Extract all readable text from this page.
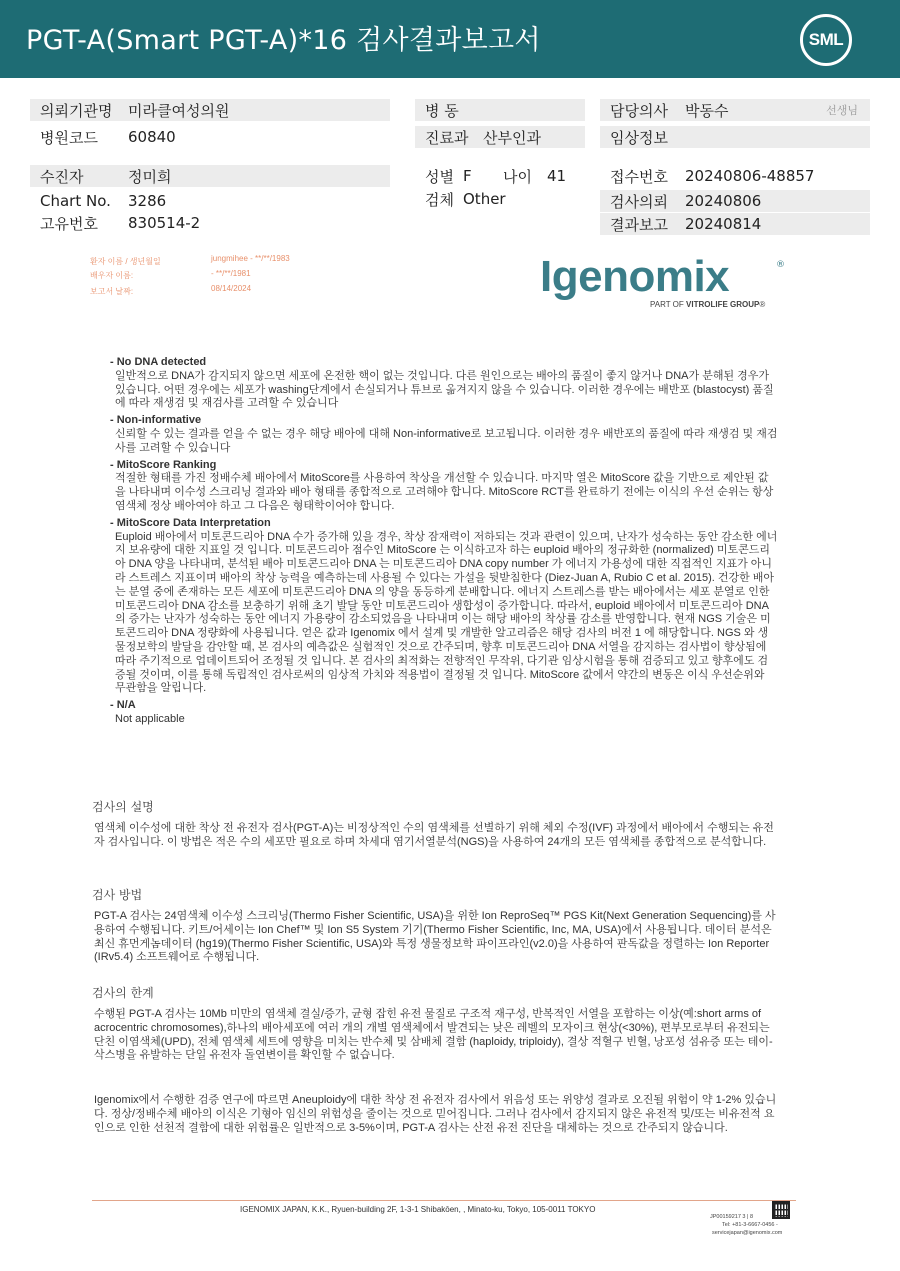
PGT-A(Smart PGT-A)*16 검사결과보고서	SML
의뢰기관명 미라클여성의원
병원코드 60840
수진자	정미희
Chart No. 3286
고유번호 830514-2
병 동
진료과 산부인과
성별 F 나이 41
검체 Other
담당의사 박동수	선생님
임상정보
접수번호 20240806-48857
검사의뢰 20240806
결과보고 20240814
환자 이름 / 생년월일	jungmihee - **/**/1983
배우자 이름:	- **/**/1981
보고서 날짜:	08/14/2024	Igenomix	®
PART OF VITROLIFE GROUP®
- No DNA detected
일반적으로 DNA가 감지되지 않으면 세포에 온전한 핵이 없는 것입니다. 다른 원인으로는 배아의 품질이 좋지 않거나 DNA가 분해된 경우가 있습니다. 어떤 경우에는 세포가 washing단계에서 손실되거나 튜브로 옮겨지지 않을 수 있습니다. 이러한 경우에는 배반포 (blastocyst) 품질에 따라 재생검 및 재검사를 고려할 수 있습니다
- Non-informative
신뢰할 수 있는 결과를 얻을 수 없는 경우 해당 배아에 대해 Non-informative로 보고됩니다. 이러한 경우 배반포의 품질에 따라 재생검 및 재검사를 고려할 수 있습니다
- MitoScore Ranking
적절한 형태를 가진 정배수체 배아에서 MitoScore를 사용하여 착상을 개선할 수 있습니다. 마지막 열은 MitoScore 값을 기반으로 제안된 값을 나타내며 이수성 스크리닝 결과와 배아 형태를 종합적으로 고려해야 합니다. MitoScore RCT를 완료하기 전에는 이식의 우선 순위는 항상 염색체 정상 배아여야 하고 그 다음은 형태학이어야 합니다.
- MitoScore Data Interpretation
Euploid 배아에서 미토콘드리아 DNA 수가 증가해 있을 경우, 착상 잠재력이 저하되는 것과 관련이 있으며, 난자가 성숙하는 동안 감소한 에너지 보유량에 대한 지표일 것 입니다. 미토콘드리아 점수인 MitoScore 는 이식하고자 하는 euploid 배아의 정규화한 (normalized) 미토콘드리아 DNA 양을 나타내며, 분석된 배아 미토콘드리아 DNA 는 미토콘드리아 DNA copy number 가 에너지 가용성에 대한 직접적인 지표가 아니라 스트레스 지표이며 배아의 착상 능력을 예측하는데 사용될 수 있다는 가설을 뒷받침한다 (Diez-Juan A, Rubio C et al. 2015). 건강한 배아는 분열 중에 존재하는 모든 세포에 미토콘드리아 DNA 의 양을 동등하게 분배합니다. 에너지 스트레스를 받는 배아에서는 세포 분열로 인한 미토콘드리아 DNA 감소를 보충하기 위해 초기 발달 동안 미토콘드리아 생합성이 증가합니다. 따라서, euploid 배아에서 미토콘드리아 DNA 의 증가는 난자가 성숙하는 동안 에너지 가용량이 감소되었음을 나타내며 이는 해당 배아의 착상률 감소를 반영합니다. 현재 NGS 기술은 미토콘드리아 DNA 정량화에 사용됩니다. 얻은 값과 Igenomix 에서 설계 및 개발한 알고리즘은 해당 검사의 버전 1 에 해당합니다. NGS 와 생물정보학의 발달을 감안할 때, 본 검사의 예측값은 실험적인 것으로 간주되며, 향후 미토콘드리아 DNA 서열을 감지하는 검사법이 향상됨에 따라 주기적으로 업데이트되어 조정될 것 입니다. 본 검사의 최적화는 전향적인 무작위, 다기관 임상시험을 통해 검증되고 있고 향후에도 검증될 것이며, 이를 통해 독립적인 검사로써의 임상적 가치와 적용법이 결정될 것 입니다. MitoScore 값에서 약간의 변동은 이식 우선순위와 무관함을 알립니다.
- N/A
Not applicable
검사의 설명
염색체 이수성에 대한 착상 전 유전자 검사(PGT-A)는 비정상적인 수의 염색체를 선별하기 위해 체외 수정(IVF) 과정에서 배아에서 수행되는 유전자 검사입니다. 이 방법은 적은 수의 세포만 필요로 하며 차세대 염기서열분석(NGS)을 사용하여 24개의 모든 염색체를 종합적으로 분석합니다.
검사 방법
PGT-A 검사는 24염색체 이수성 스크리닝(Thermo Fisher Scientific, USA)을 위한 Ion ReproSeq™ PGS Kit(Next Generation Sequencing)를 사용하여 수행됩니다. 키트/어세이는 Ion Chef™ 및 Ion S5 System 기기(Thermo Fisher Scientific, Inc, MA, USA)에서 사용됩니다. 데이터 분석은최신 휴먼게놈데이터 (hg19)(Thermo Fisher Scientific, USA)와 특정 생물정보학 파이프라인(v2.0)을 사용하여 판독값을 정렬하는 Ion Reporter (IRv5.4) 소프트웨어로 수행됩니다.
검사의 한계
수행된 PGT-A 검사는 10Mb 미만의 염색체 결실/증가, 균형 잡힌 유전 물질로 구조적 재구성, 반복적인 서열을 포함하는 이상(예:short arms of acrocentric chromosomes),하나의 배아세포에 여러 개의 개별 염색체에서 발견되는 낮은 레벨의 모자이크 현상(<30%), 편부모로부터 유전되는 단친 이염색체(UPD), 전체 염색체 세트에 영향을 미치는 반수체 및 삼배체 결함 (haploidy, triploidy), 결상 적혈구 빈혈, 낭포성 섬유증 또는 테이-삭스병을 유발하는 단일 유전자 돌연변이를 확인할 수 없습니다.
Igenomix에서 수행한 검증 연구에 따르면 Aneuploidy에 대한 착상 전 유전자 검사에서 위음성 또는 위양성 결과로 오진될 위험이 약 1-2% 있습니다. 정상/정배수체 배아의 이식은 기형아 임신의 위험성을 줄이는 것으로 믿어집니다. 그러나 검사에서 감지되지 않은 유전적 및/또는 비유전적 요인으로 인한 선천적 결함에 대한 위험률은 일반적으로 3-5%이며, PGT-A 검사는 산전 유전 진단을 대체하는 것으로 간주되지 않습니다.
IGENOMIX JAPAN, K.K., Ryuen-building 2F, 1-3-1 Shibakōen, , Minato-ku, Tokyo, 105-0011 TOKYO
JP00159217 3 | 8
Tel: +81-3-6667-0456 -
servicejapan@igenomix.com
